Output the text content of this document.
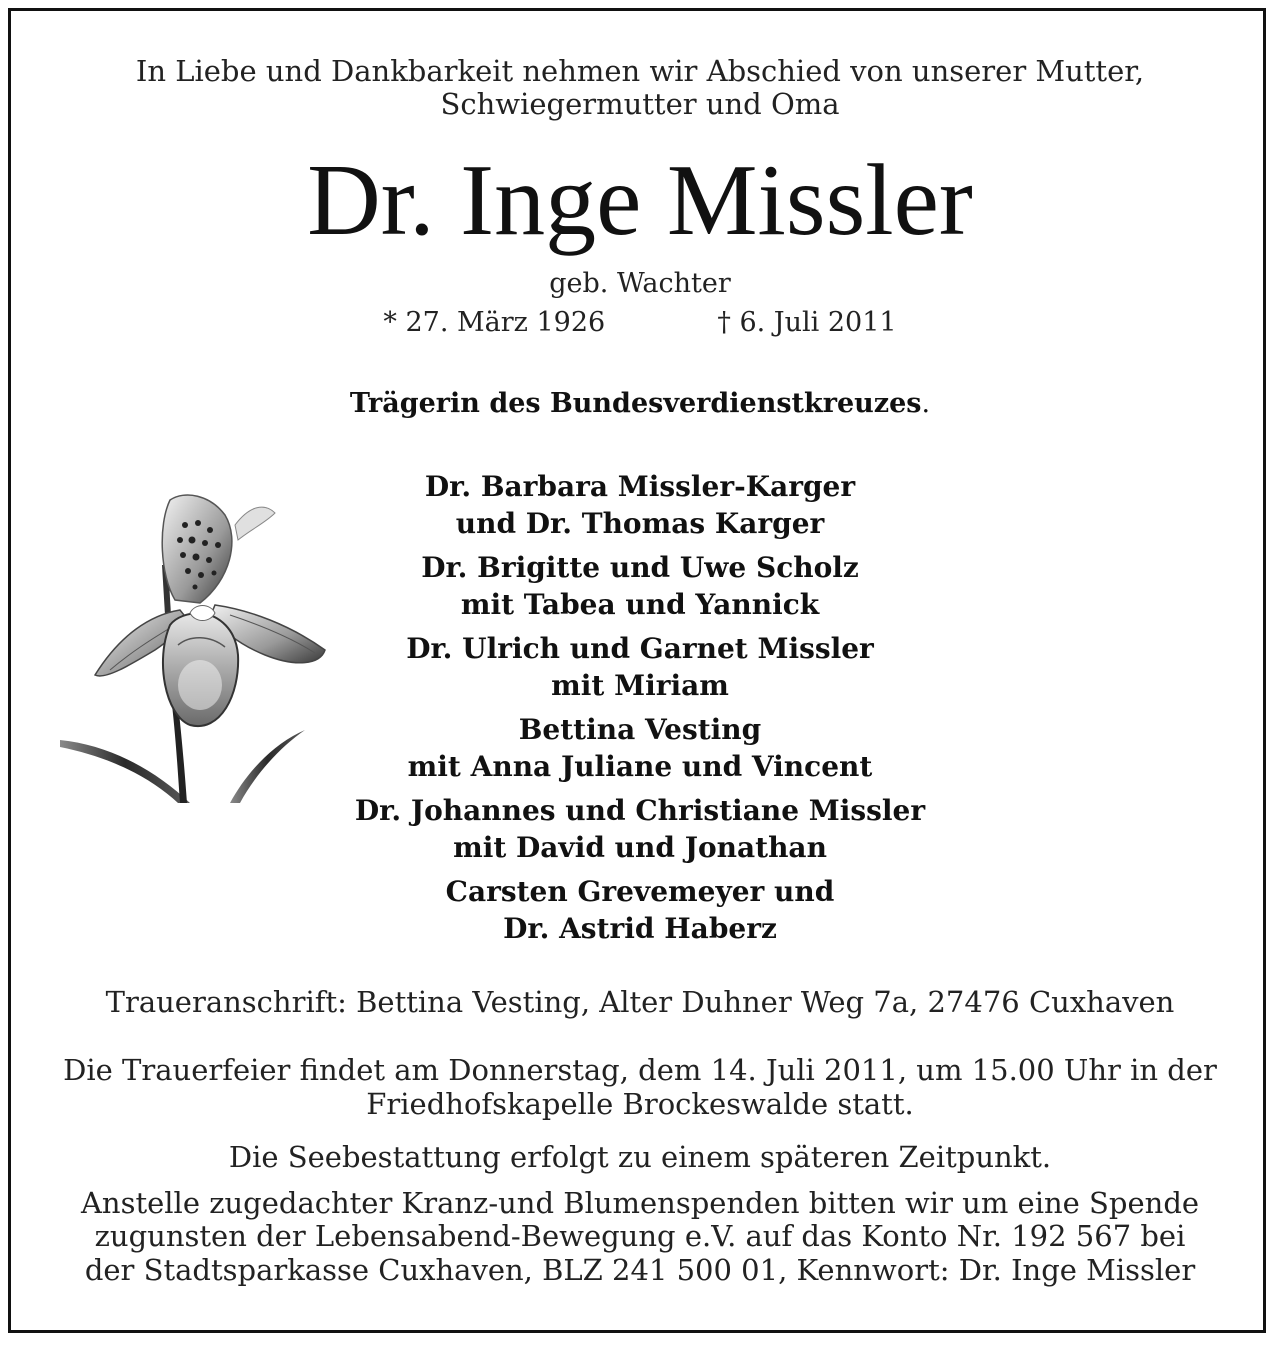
In Liebe und Dankbarkeit nehmen wir Abschied von unserer Mutter,
Schwiegermutter und Oma
Dr. Inge Missler
geb. Wachter
* 27. März 1926	† 6. Juli 2011
Trägerin des Bundesverdienstkreuzes.
Dr. Barbara Missler-Karger
und Dr. Thomas Karger
Dr. Brigitte und Uwe Scholz
mit Tabea und Yannick
Dr. Ulrich und Garnet Missler
mit Miriam
Bettina Vesting
mit Anna Juliane und Vincent
Dr. Johannes und Christiane Missler
mit David und Jonathan
Carsten Grevemeyer und
Dr. Astrid Haberz
Traueranschrift: Bettina Vesting, Alter Duhner Weg 7a, 27476 Cuxhaven
Die Trauerfeier findet am Donnerstag, dem 14. Juli 2011, um 15.00 Uhr in der
Friedhofskapelle Brockeswalde statt.
Die Seebestattung erfolgt zu einem späteren Zeitpunkt.
Anstelle zugedachter Kranz-und Blumenspenden bitten wir um eine Spende
zugunsten der Lebensabend-Bewegung e.V. auf das Konto Nr. 192 567 bei
der Stadtsparkasse Cuxhaven, BLZ 241 500 01, Kennwort: Dr. Inge Missler
